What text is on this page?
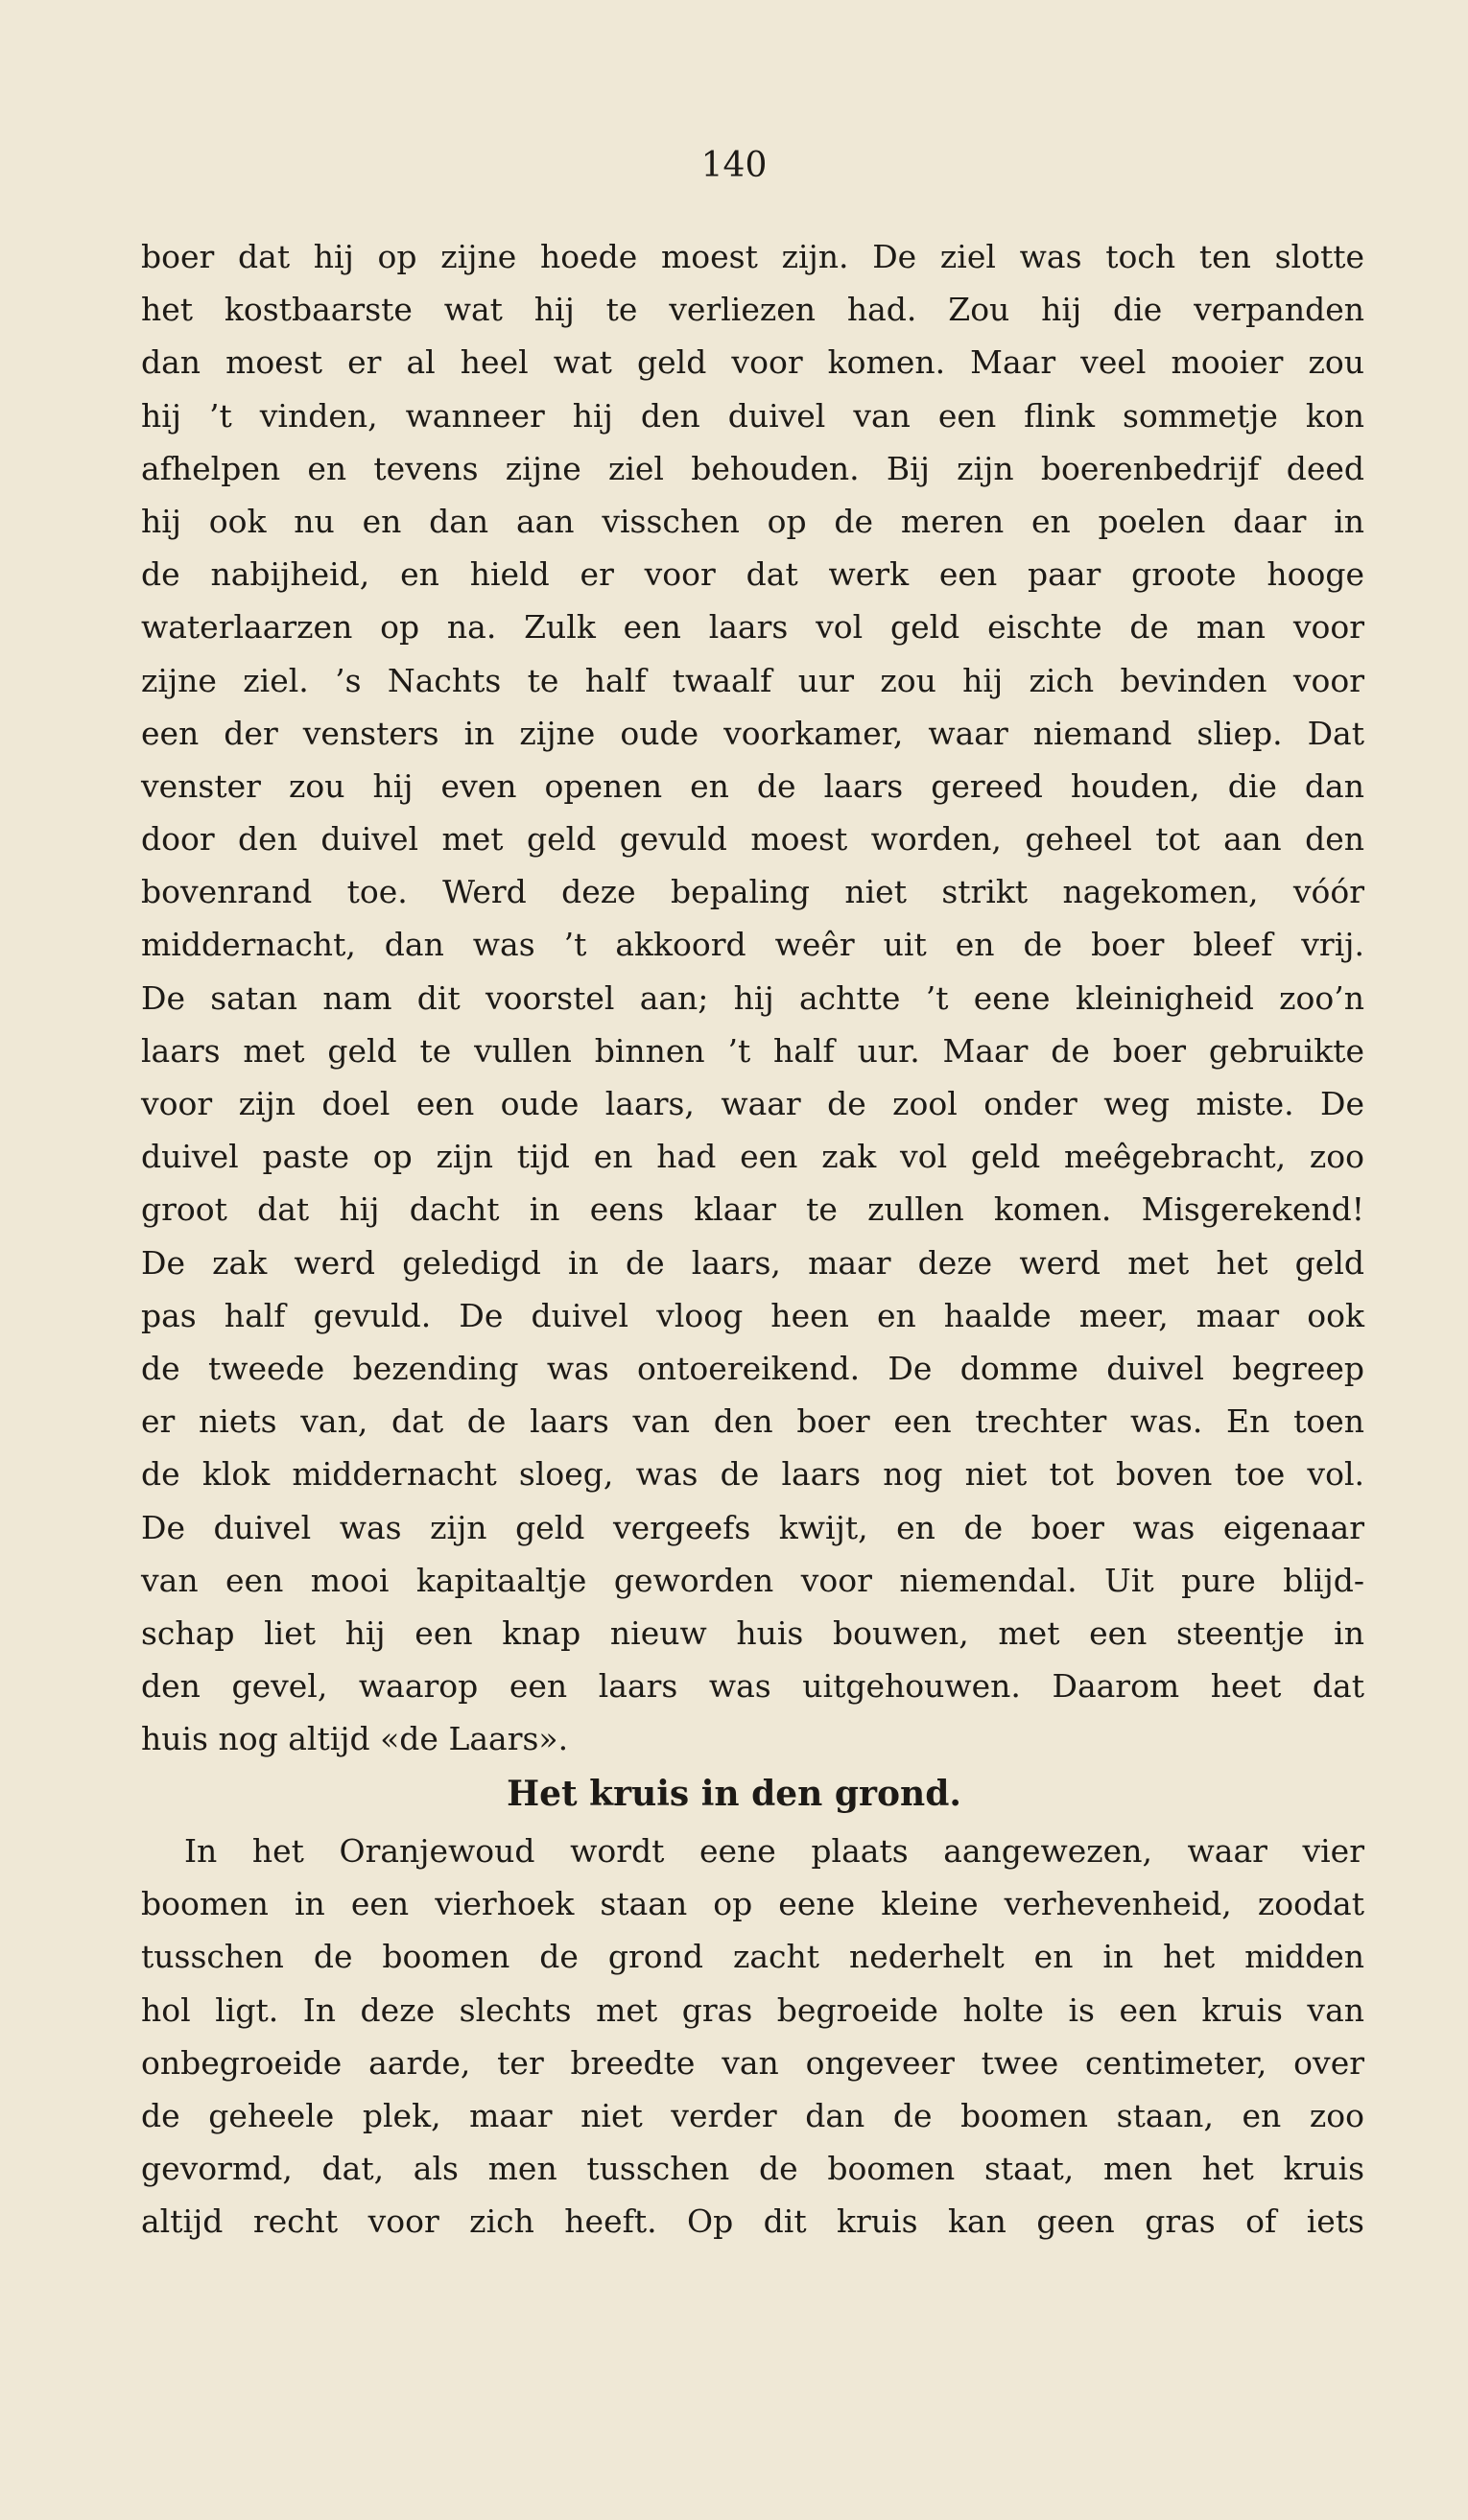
140
boer dat hij op zijne hoede moest zijn. De ziel was toch ten slotte
het kostbaarste wat hij te verliezen had. Zou hij die verpanden
dan moest er al heel wat geld voor komen. Maar veel mooier zou
hij ’t vinden, wanneer hij den duivel van een flink sommetje kon
afhelpen en tevens zijne ziel behouden. Bij zijn boerenbedrijf deed
hij ook nu en dan aan visschen op de meren en poelen daar in
de nabijheid, en hield er voor dat werk een paar groote hooge
waterlaarzen op na. Zulk een laars vol geld eischte de man voor
zijne ziel. ’s Nachts te half twaalf uur zou hij zich bevinden voor
een der vensters in zijne oude voorkamer, waar niemand sliep. Dat
venster zou hij even openen en de laars gereed houden, die dan
door den duivel met geld gevuld moest worden, geheel tot aan den
bovenrand toe. Werd deze bepaling niet strikt nagekomen, vóór
middernacht, dan was ’t akkoord weêr uit en de boer bleef vrij.
De satan nam dit voorstel aan; hij achtte ’t eene kleinigheid zoo’n
laars met geld te vullen binnen ’t half uur. Maar de boer gebruikte
voor zijn doel een oude laars, waar de zool onder weg miste. De
duivel paste op zijn tijd en had een zak vol geld meêgebracht, zoo
groot dat hij dacht in eens klaar te zullen komen. Misgerekend!
De zak werd geledigd in de laars, maar deze werd met het geld
pas half gevuld. De duivel vloog heen en haalde meer, maar ook
de tweede bezending was ontoereikend. De domme duivel begreep
er niets van, dat de laars van den boer een trechter was. En toen
de klok middernacht sloeg, was de laars nog niet tot boven toe vol.
De duivel was zijn geld vergeefs kwijt, en de boer was eigenaar
van een mooi kapitaaltje geworden voor niemendal. Uit pure blijd-
schap liet hij een knap nieuw huis bouwen, met een steentje in
den gevel, waarop een laars was uitgehouwen. Daarom heet dat
huis nog altijd «de Laars».
Het kruis in den grond.
In het Oranjewoud wordt eene plaats aangewezen, waar vier
boomen in een vierhoek staan op eene kleine verhevenheid, zoodat
tusschen de boomen de grond zacht nederhelt en in het midden
hol ligt. In deze slechts met gras begroeide holte is een kruis van
onbegroeide aarde, ter breedte van ongeveer twee centimeter, over
de geheele plek, maar niet verder dan de boomen staan, en zoo
gevormd, dat, als men tusschen de boomen staat, men het kruis
altijd recht voor zich heeft. Op dit kruis kan geen gras of iets
